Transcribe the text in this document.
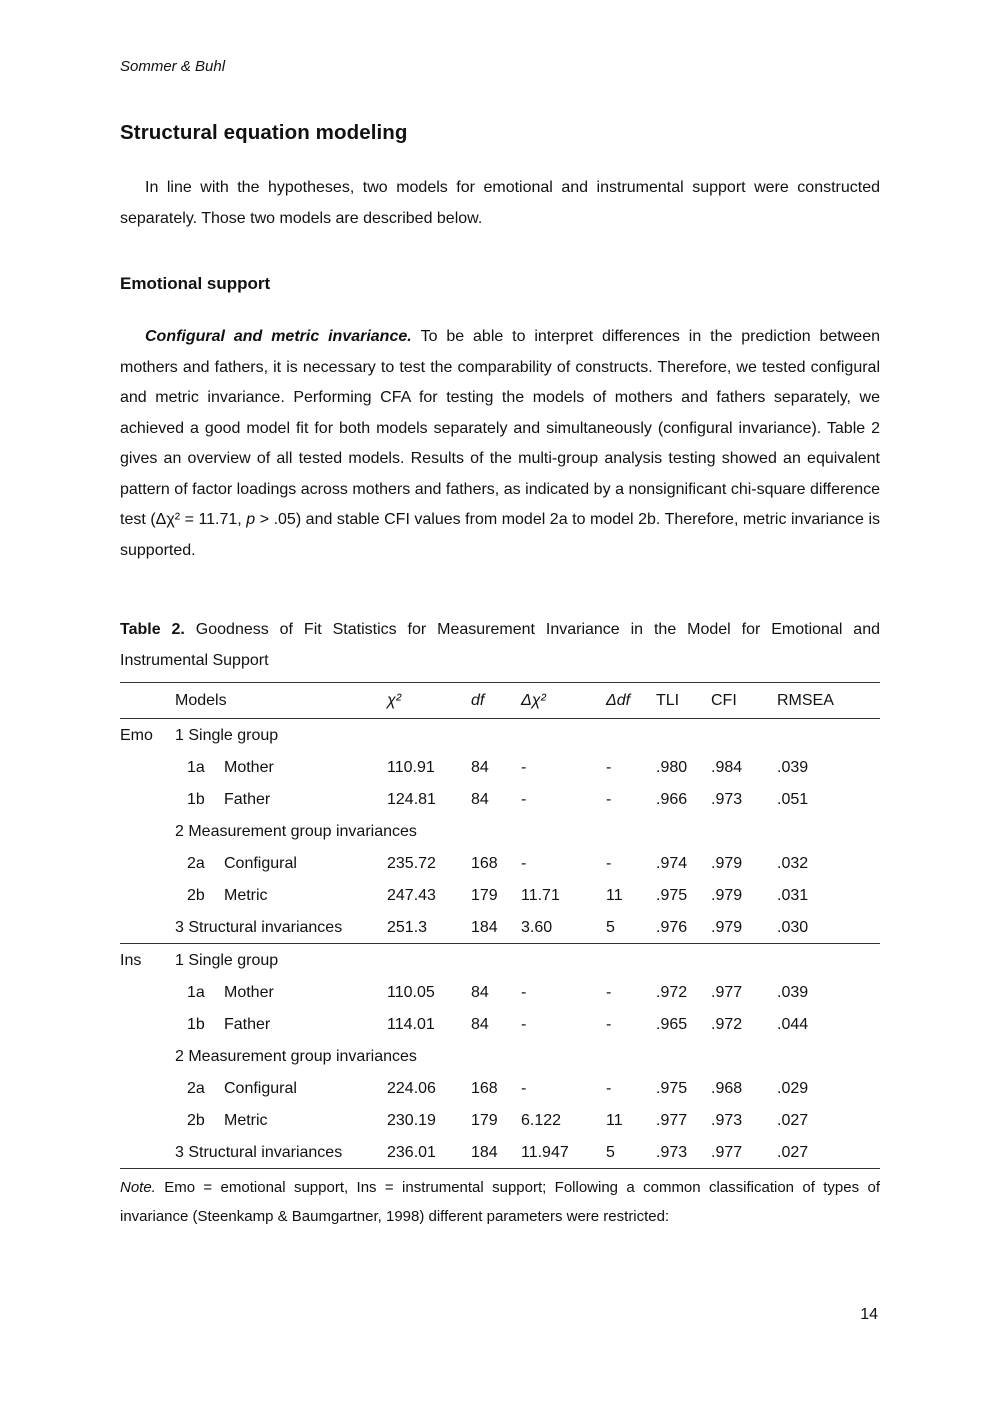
Sommer & Buhl
Structural equation modeling

In line with the hypotheses, two models for emotional and instrumental support were constructed separately. Those two models are described below.

Emotional support

Configural and metric invariance. To be able to interpret differences in the prediction between mothers and fathers, it is necessary to test the comparability of constructs. Therefore, we tested configural and metric invariance. Performing CFA for testing the models of mothers and fathers separately, we achieved a good model fit for both models separately and simultaneously (configural invariance). Table 2 gives an overview of all tested models. Results of the multi-group analysis testing showed an equivalent pattern of factor loadings across mothers and fathers, as indicated by a nonsignificant chi-square difference test (Δχ² = 11.71, p > .05) and stable CFI values from model 2a to model 2b. Therefore, metric invariance is supported.

Table 2. Goodness of Fit Statistics for Measurement Invariance in the Model for Emotional and Instrumental Support

	Models	χ²	df	Δχ²	Δdf	TLI	CFI	RMSEA
Emo	1 Single group							
	1a Mother	110.91	84	-	-	.980	.984	.039
	1b Father	124.81	84	-	-	.966	.973	.051
	2 Measurement group invariances							
	2a Configural	235.72	168	-	-	.974	.979	.032
	2b Metric	247.43	179	11.71	11	.975	.979	.031
	3 Structural invariances	251.3	184	3.60	5	.976	.979	.030
Ins	1 Single group							
	1a Mother	110.05	84	-	-	.972	.977	.039
	1b Father	114.01	84	-	-	.965	.972	.044
	2 Measurement group invariances							
	2a Configural	224.06	168	-	-	.975	.968	.029
	2b Metric	230.19	179	6.122	11	.977	.973	.027
	3 Structural invariances	236.01	184	11.947	5	.973	.977	.027

Note. Emo = emotional support, Ins = instrumental support; Following a common classification of types of invariance (Steenkamp & Baumgartner, 1998) different parameters were restricted:

14
